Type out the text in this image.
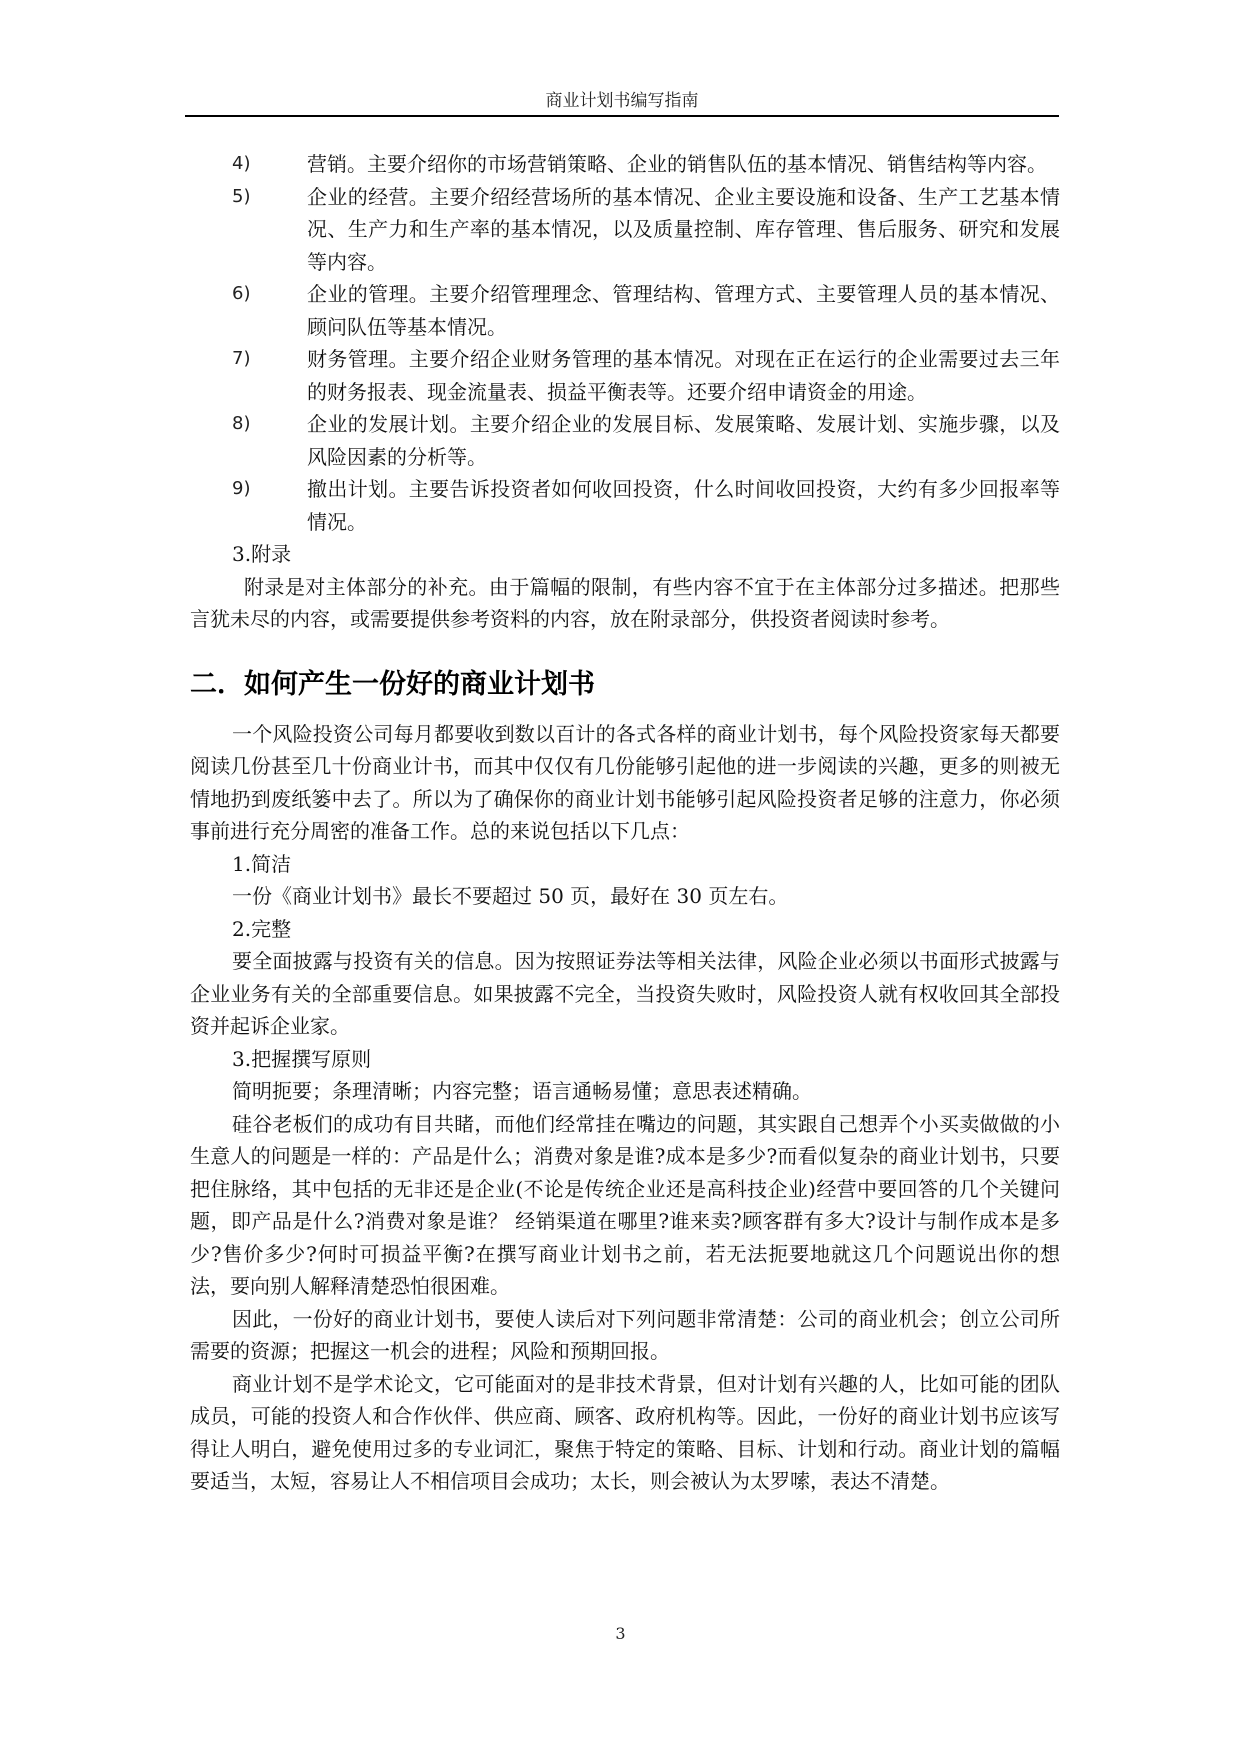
商业计划书编写指南
4)	营销。主要介绍你的市场营销策略、企业的销售队伍的基本情况、销售结构等内容。
5)	企业的经营。主要介绍经营场所的基本情况、企业主要设施和设备、生产工艺基本情况、生产力和生产率的基本情况，以及质量控制、库存管理、售后服务、研究和发展等内容。
6)	企业的管理。主要介绍管理理念、管理结构、管理方式、主要管理人员的基本情况、顾问队伍等基本情况。
7)	财务管理。主要介绍企业财务管理的基本情况。对现在正在运行的企业需要过去三年的财务报表、现金流量表、损益平衡表等。还要介绍申请资金的用途。
8)	企业的发展计划。主要介绍企业的发展目标、发展策略、发展计划、实施步骤，以及风险因素的分析等。
9)	撤出计划。主要告诉投资者如何收回投资，什么时间收回投资，大约有多少回报率等情况。

3.附录

附录是对主体部分的补充。由于篇幅的限制，有些内容不宜于在主体部分过多描述。把那些言犹未尽的内容，或需要提供参考资料的内容，放在附录部分，供投资者阅读时参考。

二．如何产生一份好的商业计划书

一个风险投资公司每月都要收到数以百计的各式各样的商业计划书，每个风险投资家每天都要阅读几份甚至几十份商业计书，而其中仅仅有几份能够引起他的进一步阅读的兴趣，更多的则被无情地扔到废纸篓中去了。所以为了确保你的商业计划书能够引起风险投资者足够的注意力，你必须事前进行充分周密的准备工作。总的来说包括以下几点：

1.简洁

一份《商业计划书》最长不要超过 50 页，最好在 30 页左右。

2.完整

要全面披露与投资有关的信息。因为按照证券法等相关法律，风险企业必须以书面形式披露与企业业务有关的全部重要信息。如果披露不完全，当投资失败时，风险投资人就有权收回其全部投资并起诉企业家。

3.把握撰写原则

简明扼要；条理清晰；内容完整；语言通畅易懂；意思表述精确。

硅谷老板们的成功有目共睹，而他们经常挂在嘴边的问题，其实跟自己想弄个小买卖做做的小生意人的问题是一样的：产品是什么；消费对象是谁?成本是多少?而看似复杂的商业计划书，只要把住脉络，其中包括的无非还是企业(不论是传统企业还是高科技企业)经营中要回答的几个关键问题，即产品是什么?消费对象是谁？ 经销渠道在哪里?谁来卖?顾客群有多大?设计与制作成本是多少?售价多少?何时可损益平衡?在撰写商业计划书之前，若无法扼要地就这几个问题说出你的想法，要向别人解释清楚恐怕很困难。

因此，一份好的商业计划书，要使人读后对下列问题非常清楚：公司的商业机会；创立公司所需要的资源；把握这一机会的进程；风险和预期回报。

商业计划不是学术论文，它可能面对的是非技术背景，但对计划有兴趣的人，比如可能的团队成员，可能的投资人和合作伙伴、供应商、顾客、政府机构等。因此，一份好的商业计划书应该写得让人明白，避免使用过多的专业词汇，聚焦于特定的策略、目标、计划和行动。商业计划的篇幅要适当，太短，容易让人不相信项目会成功；太长，则会被认为太罗嗦，表达不清楚。

3
